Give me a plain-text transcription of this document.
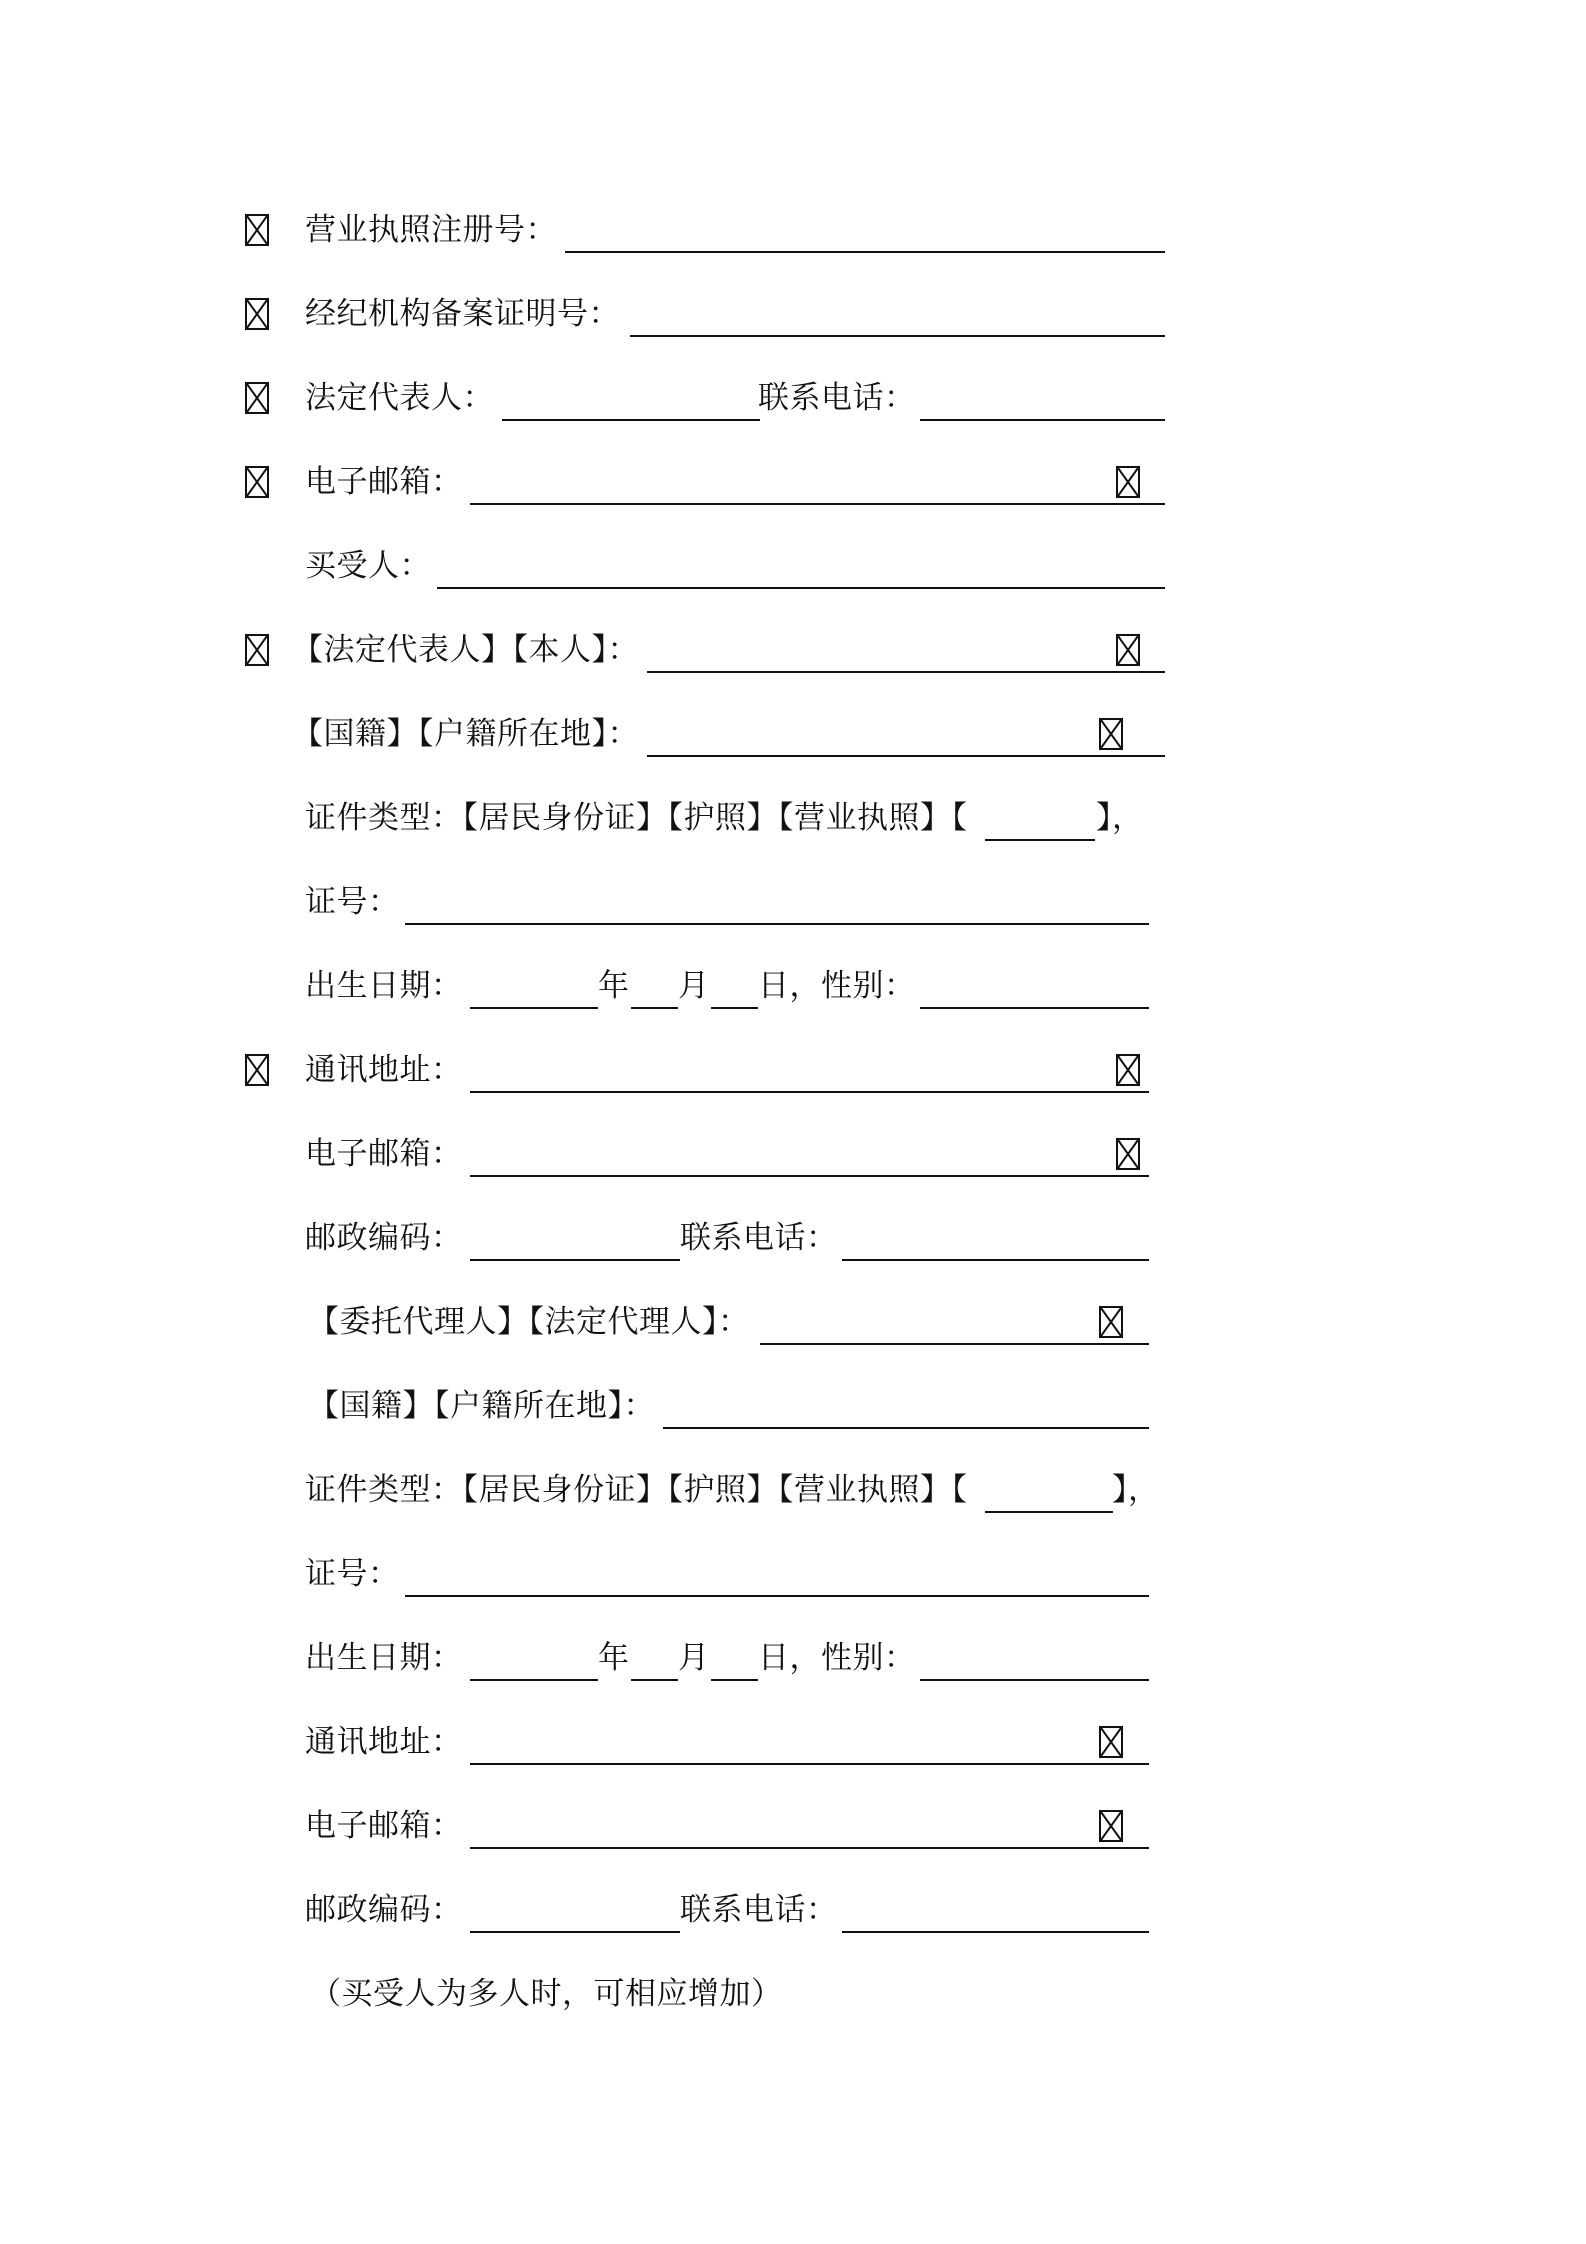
营业执照注册号：
经纪机构备案证明号：
法定代表人：	联系电话：
电子邮箱：
买受人：
【法定代表人】【本人】：
【国籍】【户籍所在地】：
证件类型：【居民身份证】【护照】【营业执照】【	】，
证号：
出生日期：	年 月 日，性别：
通讯地址：
电子邮箱：
邮政编码：	联系电话：
【委托代理人】【法定代理人】：
【国籍】【户籍所在地】：
证件类型：【居民身份证】【护照】【营业执照】【	】，
证号：
出生日期：	年 月 日，性别：
通讯地址：
电子邮箱：
邮政编码：	联系电话：
（买受人为多人时，可相应增加）
